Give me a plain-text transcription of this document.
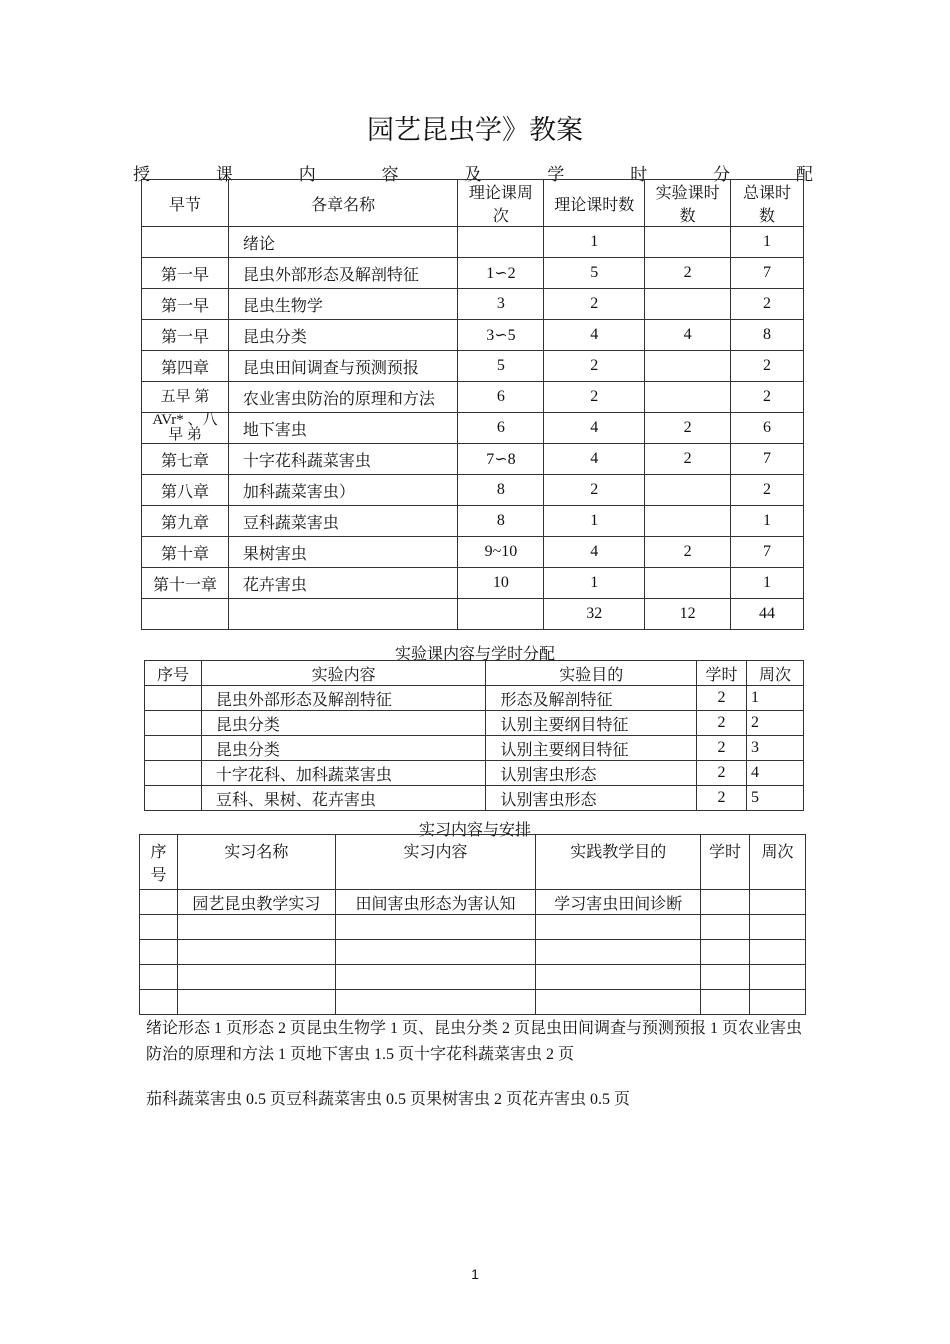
园艺昆虫学》教案
授	课	内	容	及	学	时	分	配
早节	各章名称	理论课周次	理论课时数	实验课时数	总课时数
	绪论		1		1
第一早	昆虫外部形态及解剖特征	1∽2	5	2	7
第一早	昆虫生物学	3	2		2
第一早	昆虫分类	3∽5	4	4	8
第四章	昆虫田间调查与预测预报	5	2		2
五早 第	农业害虫防治的原理和方法	6	2		2
AVr* 、八早 弟	地下害虫	6	4	2	6
第七章	十字花科蔬菜害虫	7∽8	4	2	7
第八章	加科蔬菜害虫）	8	2		2
第九章	豆科蔬菜害虫	8	1		1
第十章	果树害虫	9~10	4	2	7
第十一章	花卉害虫	10	1		1
			32	12	44
实验课内容与学时分配
序号	实验内容	实验目的	学时	周次
	昆虫外部形态及解剖特征	形态及解剖特征	2	1
	昆虫分类	认别主要纲目特征	2	2
	昆虫分类	认别主要纲目特征	2	3
	十字花科、加科蔬菜害虫	认别害虫形态	2	4
	豆科、果树、花卉害虫	认别害虫形态	2	5
实习内容与安排
序号	实习名称	实习内容	实践教学目的	学时	周次
	园艺昆虫教学实习	田间害虫形态为害认知	学习害虫田间诊断		

绪论形态 1 页形态 2 页昆虫生物学 1 页、昆虫分类 2 页昆虫田间调查与预测预报 1 页农业害虫防治的原理和方法 1 页地下害虫 1.5 页十字花科蔬菜害虫 2 页
茄科蔬菜害虫 0.5 页豆科蔬菜害虫 0.5 页果树害虫 2 页花卉害虫 0.5 页
1
